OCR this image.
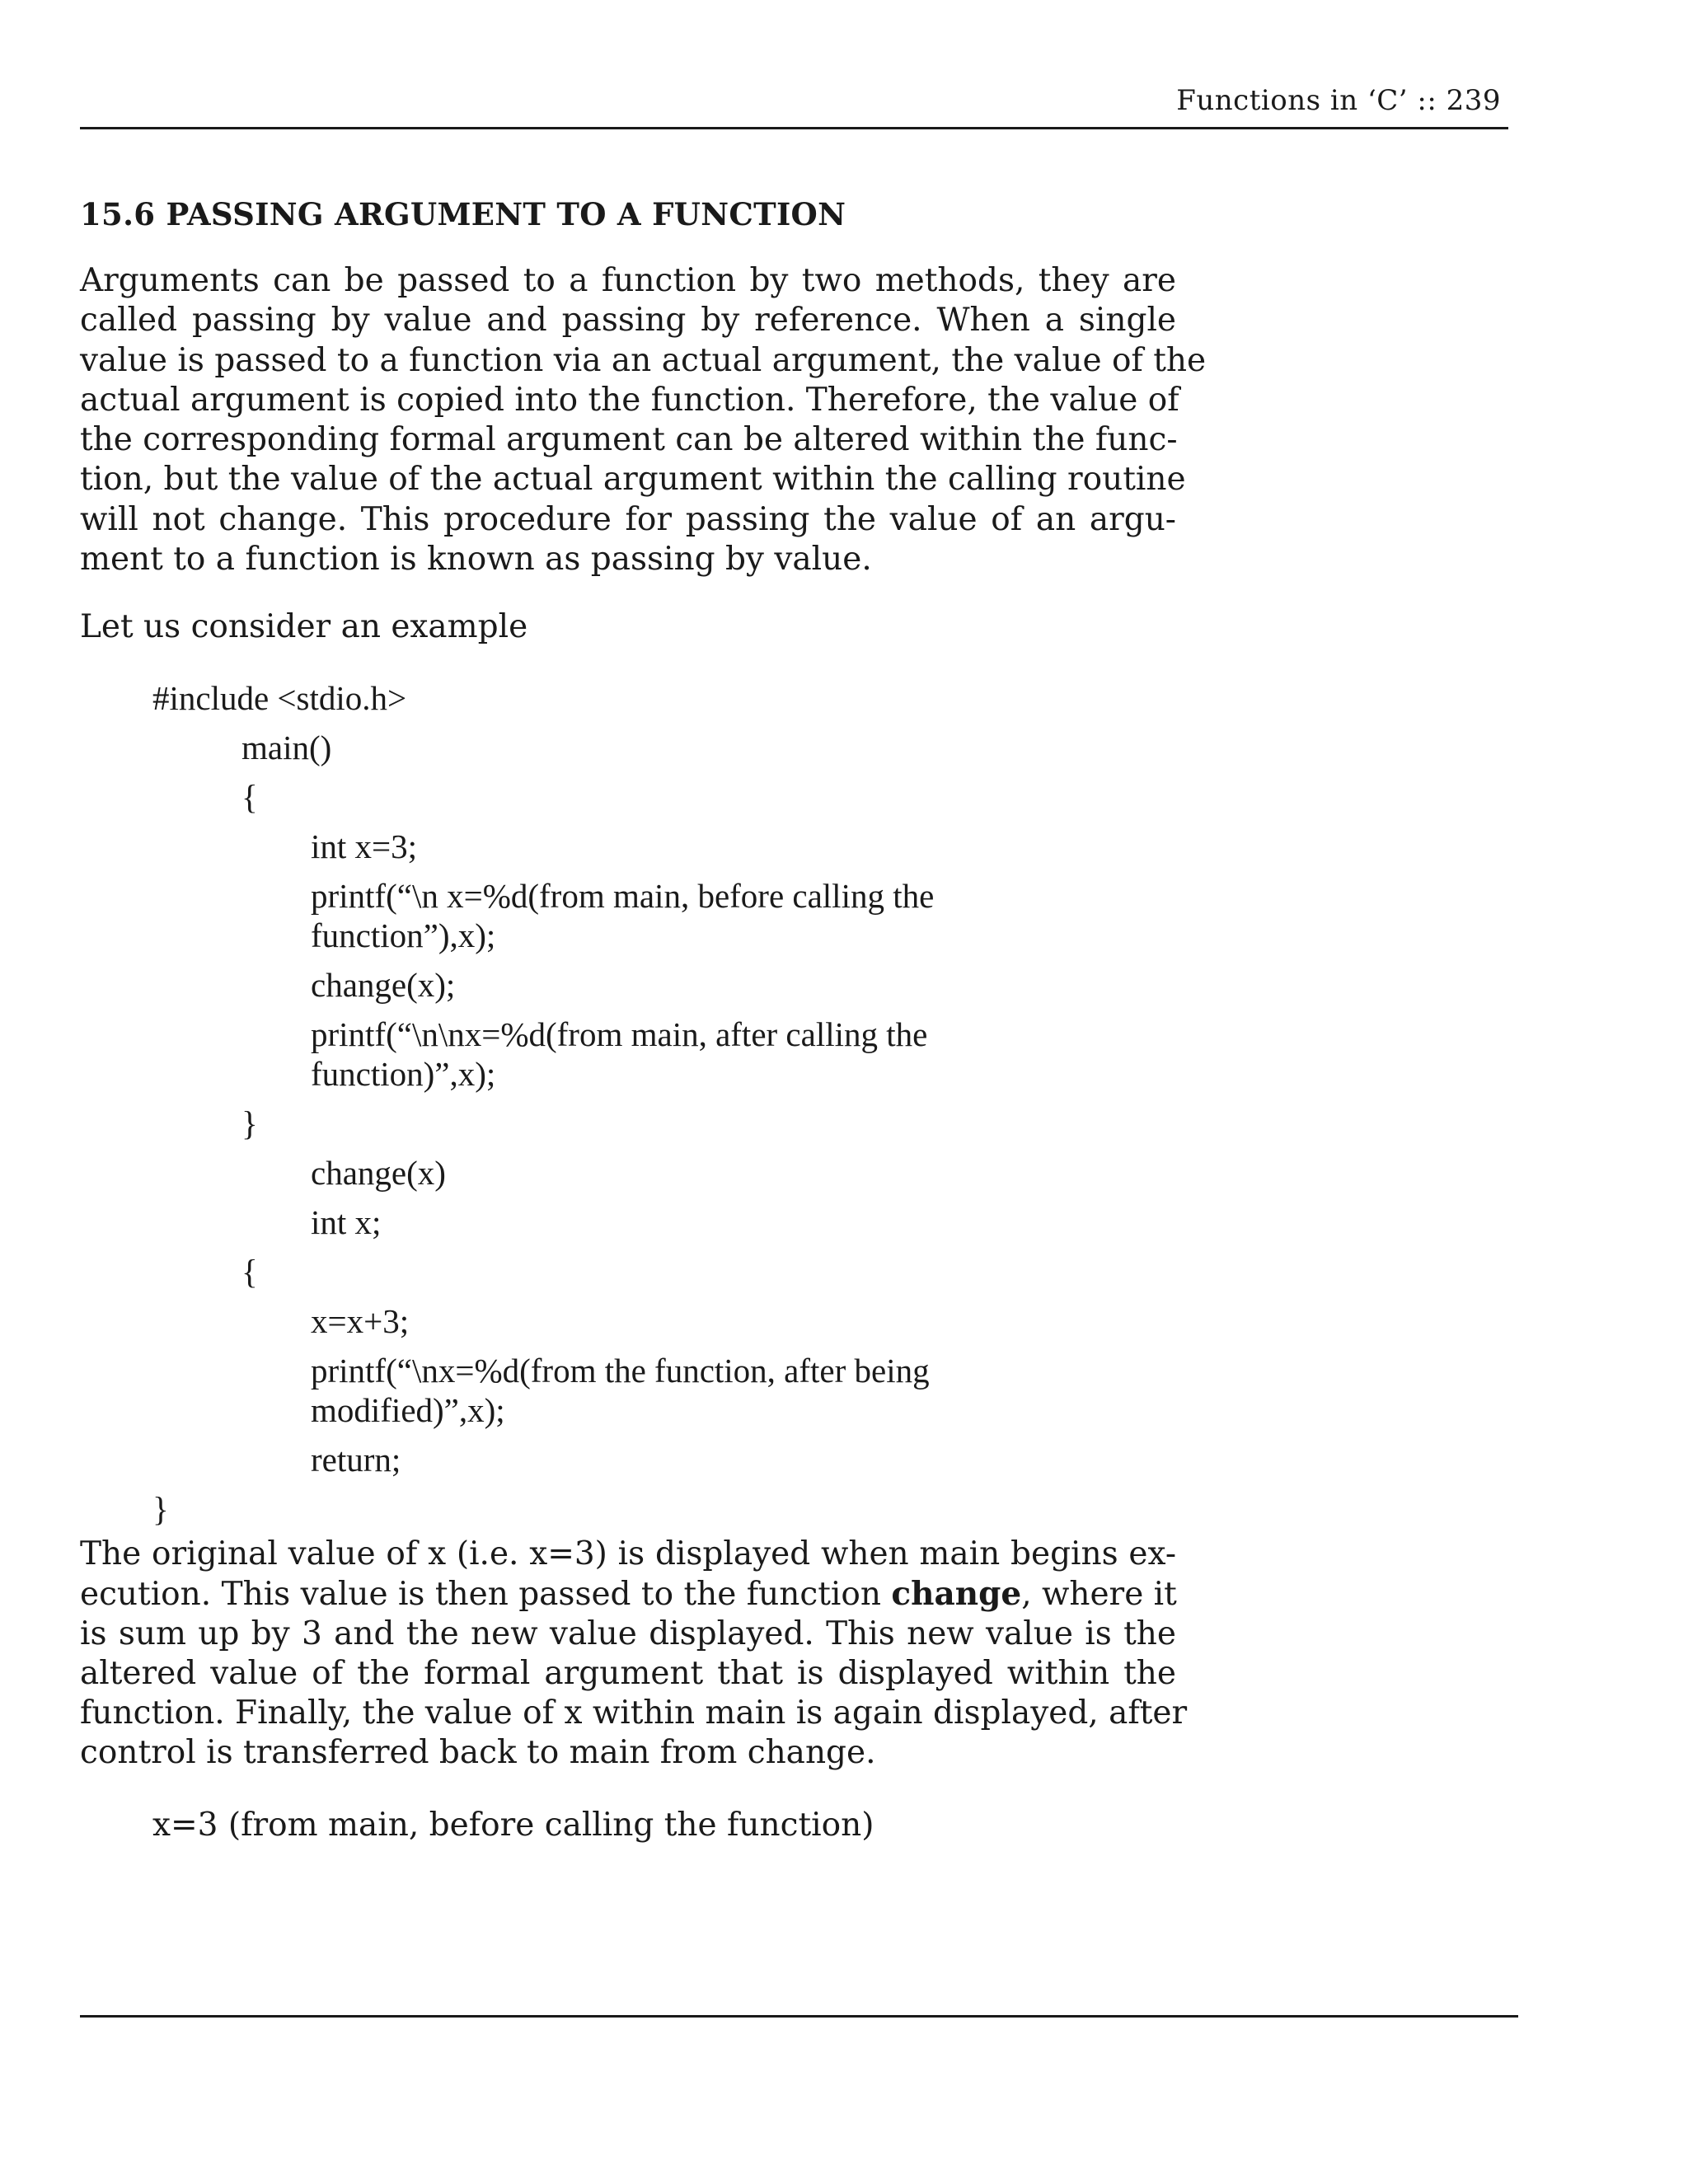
Functions in ‘C’ :: 239
15.6 PASSING ARGUMENT TO A FUNCTION
Arguments can be passed to a function by two methods, they are
called passing by value and passing by reference. When a single
value is passed to a function via an actual argument, the value of the
actual argument is copied into the function. Therefore, the value of
the corresponding formal argument can be altered within the func-
tion, but the value of the actual argument within the calling routine
will not change. This procedure for passing the value of an argu-
ment to a function is known as passing by value.
Let us consider an example
#include <stdio.h>
main()
{
int x=3;
printf(“\n x=%d(from main, before calling the
function”),x);
change(x);
printf(“\n\nx=%d(from main, after calling the
function)”,x);
}
change(x)
int x;
{
x=x+3;
printf(“\nx=%d(from the function, after being
modified)”,x);
return;
}
The original value of x (i.e. x=3) is displayed when main begins ex-
ecution. This value is then passed to the function change, where it
is sum up by 3 and the new value displayed. This new value is the
altered value of the formal argument that is displayed within the
function. Finally, the value of x within main is again displayed, after
control is transferred back to main from change.
x=3 (from main, before calling the function)
